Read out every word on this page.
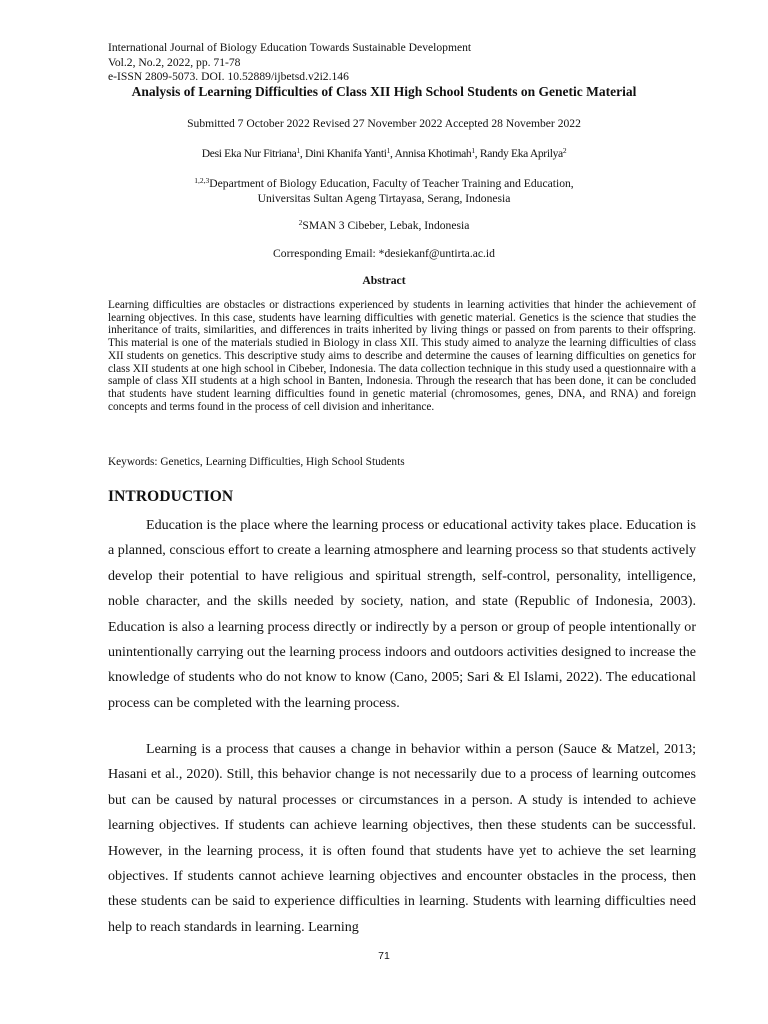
International Journal of Biology Education Towards Sustainable Development
Vol.2, No.2, 2022, pp. 71-78
e-ISSN 2809-5073. DOI. 10.52889/ijbetsd.v2i2.146
Analysis of Learning Difficulties of Class XII High School Students on Genetic Material
Submitted 7 October 2022 Revised 27 November 2022 Accepted 28 November 2022
Desi Eka Nur Fitriana$^1$, Dini Khanifa Yanti$^1$, Annisa Khotimah$^1$, Randy Eka Aprilya$^2$
$^{1,2,3}$Department of Biology Education, Faculty of Teacher Training and Education,
Universitas Sultan Ageng Tirtayasa, Serang, Indonesia
$^2$SMAN 3 Cibeber, Lebak, Indonesia
Corresponding Email: *desiekanf@untirta.ac.id
Abstract

Learning difficulties are obstacles or distractions experienced by students in learning activities that hinder the achievement of learning objectives. In this case, students have learning difficulties with genetic material. Genetics is the science that studies the inheritance of traits, similarities, and differences in traits inherited by living things or passed on from parents to their offspring. This material is one of the materials studied in Biology in class XII. This study aimed to analyze the learning difficulties of class XII students on genetics. This descriptive study aims to describe and determine the causes of learning difficulties on genetics for class XII students at one high school in Cibeber, Indonesia. The data collection technique in this study used a questionnaire with a sample of class XII students at a high school in Banten, Indonesia. Through the research that has been done, it can be concluded that students have student learning difficulties found in genetic material (chromosomes, genes, DNA, and RNA) and foreign concepts and terms found in the process of cell division and inheritance.

Keywords: Genetics, Learning Difficulties, High School Students
INTRODUCTION

Education is the place where the learning process or educational activity takes place. Education is a planned, conscious effort to create a learning atmosphere and learning process so that students actively develop their potential to have religious and spiritual strength, self-control, personality, intelligence, noble character, and the skills needed by society, nation, and state (Republic of Indonesia, 2003). Education is also a learning process directly or indirectly by a person or group of people intentionally or unintentionally carrying out the learning process indoors and outdoors activities designed to increase the knowledge of students who do not know to know (Cano, 2005; Sari & El Islami, 2022). The educational process can be completed with the learning process.

Learning is a process that causes a change in behavior within a person (Sauce & Matzel, 2013; Hasani et al., 2020). Still, this behavior change is not necessarily due to a process of learning outcomes but can be caused by natural processes or circumstances in a person. A study is intended to achieve learning objectives. If students can achieve learning objectives, then these students can be successful. However, in the learning process, it is often found that students have yet to achieve the set learning objectives. If students cannot achieve learning objectives and encounter obstacles in the process, then these students can be said to experience difficulties in learning. Students with learning difficulties need help to reach standards in learning. Learning

71
